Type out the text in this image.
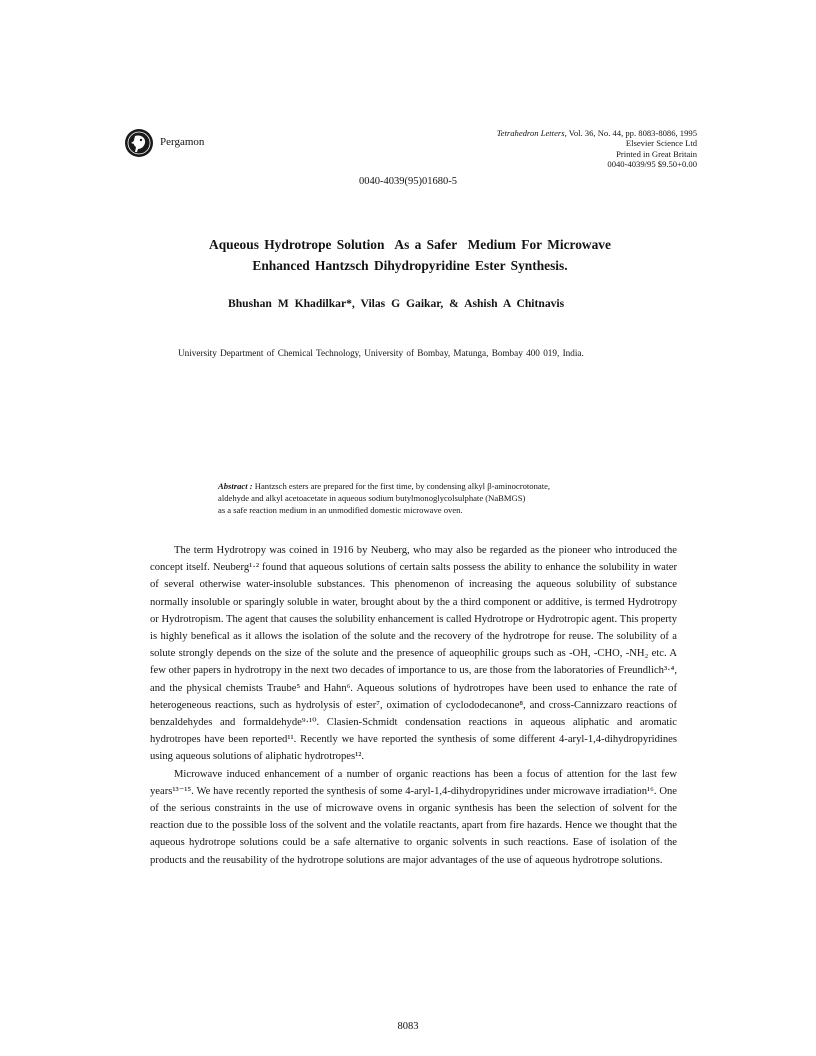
Pergamon
Tetrahedron Letters, Vol. 36, No. 44, pp. 8083-8086, 1995
Elsevier Science Ltd
Printed in Great Britain
0040-4039/95 $9.50+0.00
0040-4039(95)01680-5
Aqueous Hydrotrope Solution  As a Safer  Medium For Microwave
Enhanced Hantzsch Dihydropyridine Ester Synthesis.
Bhushan M Khadilkar*, Vilas G Gaikar, & Ashish A Chitnavis
University Department of Chemical Technology, University of Bombay, Matunga, Bombay 400 019, India.
Abstract : Hantzsch esters are prepared for the first time, by condensing alkyl β-aminocrotonate,
aldehyde and alkyl acetoacetate in aqueous sodium butylmonoglycolsulphate (NaBMGS)
as a safe reaction medium in an unmodified domestic microwave oven.

The term Hydrotropy was coined in 1916 by Neuberg, who may also be regarded as the pioneer who introduced the concept itself. Neuberg¹·² found that aqueous solutions of certain salts possess the ability to enhance the solubility in water of several otherwise water-insoluble substances. This phenomenon of increasing the aqueous solubility of substance normally insoluble or sparingly soluble in water, brought about by the a third component or additive, is termed Hydrotropy or Hydrotropism. The agent that causes the solubility enhancement is called Hydrotrope or Hydrotropic agent. This property is highly benefical as it allows the isolation of the solute and the recovery of the hydrotrope for reuse. The solubility of a solute strongly depends on the size of the solute and the presence of aqueophilic groups such as -OH, -CHO, -NH₂ etc. A few other papers in hydrotropy in the next two decades of importance to us, are those from the laboratories of Freundlich³·⁴, and the physical chemists Traube⁵ and Hahn⁶. Aqueous solutions of hydrotropes have been used to enhance the rate of heterogeneous reactions, such as hydrolysis of ester⁷, oximation of cyclododecanone⁸, and cross-Cannizzaro reactions of benzaldehydes and formaldehyde⁹·¹⁰. Clasien-Schmidt condensation reactions in aqueous aliphatic and aromatic hydrotropes have been reported¹¹. Recently we have reported the synthesis of some different 4-aryl-1,4-dihydropyridines using aqueous solutions of aliphatic hydrotropes¹².

Microwave induced enhancement of a number of organic reactions has been a focus of attention for the last few years¹³⁻¹⁵. We have recently reported the synthesis of some 4-aryl-1,4-dihydropyridines under microwave irradiation¹⁶. One of the serious constraints in the use of microwave ovens in organic synthesis has been the selection of solvent for the reaction due to the possible loss of the solvent and the volatile reactants, apart from fire hazards. Hence we thought that the aqueous hydrotrope solutions could be a safe alternative to organic solvents in such reactions. Ease of isolation of the products and the reusability of the hydrotrope solutions are major advantages of the use of aqueous hydrotrope solutions.

8083
